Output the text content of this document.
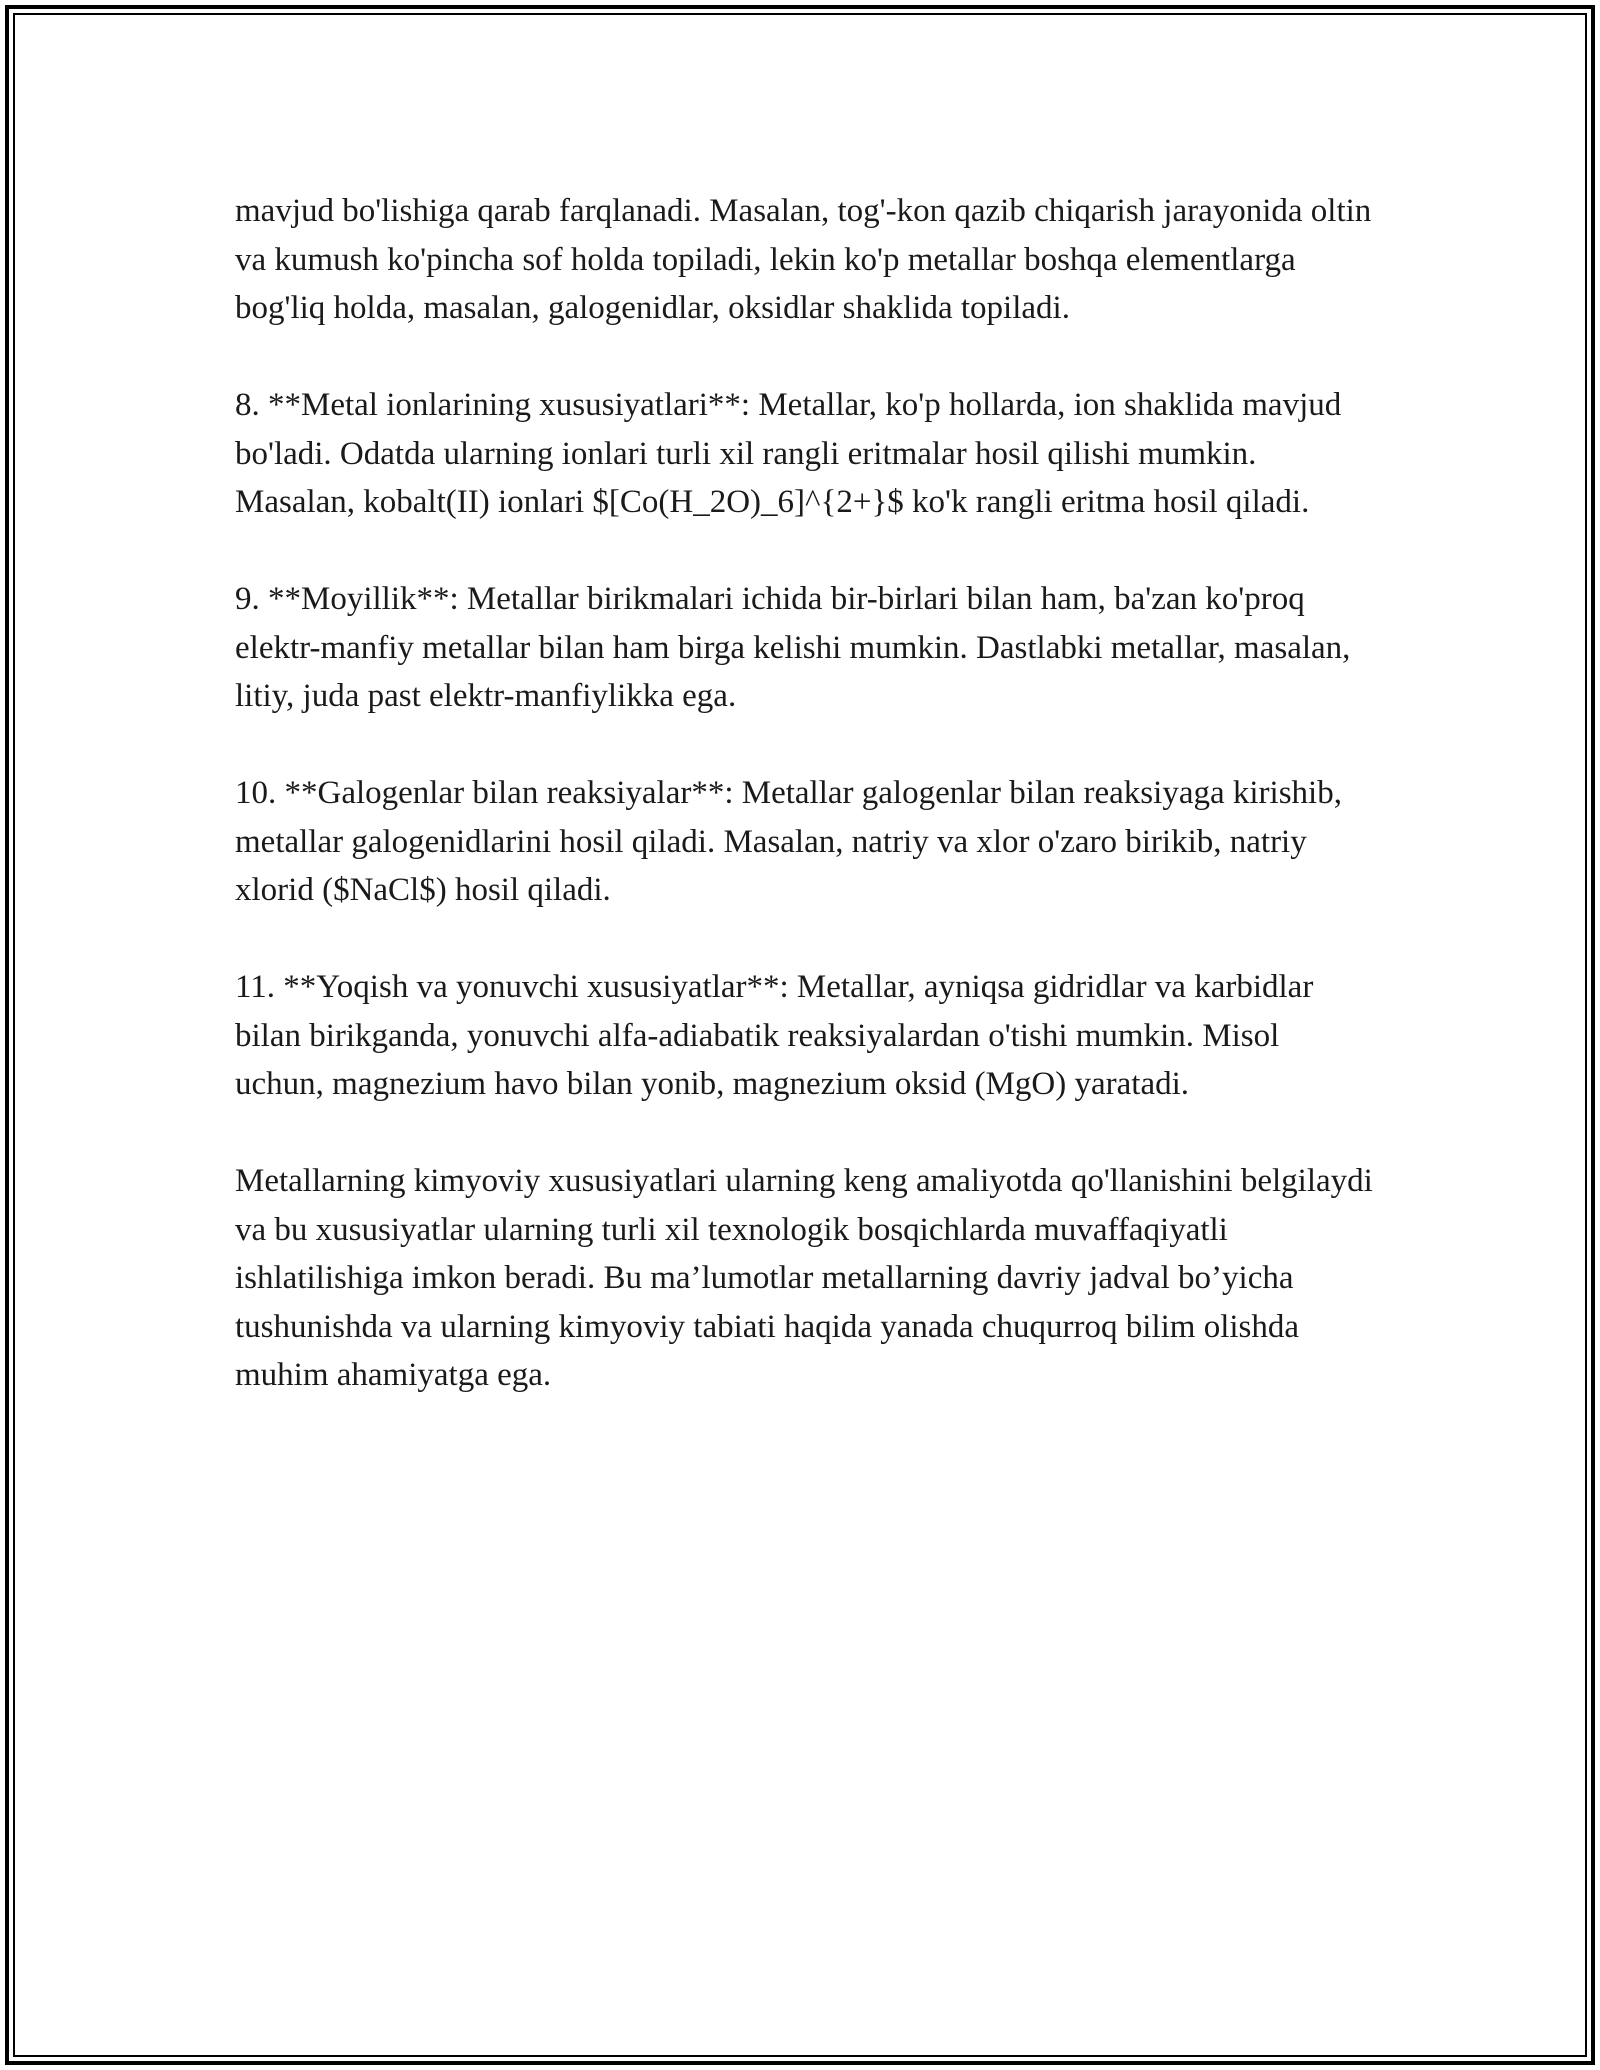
mavjud bo'lishiga qarab farqlanadi. Masalan, tog'-kon qazib chiqarish jarayonida oltin va kumush ko'pincha sof holda topiladi, lekin ko'p metallar boshqa elementlarga bog'liq holda, masalan, galogenidlar, oksidlar shaklida topiladi.

8. **Metal ionlarining xususiyatlari**: Metallar, ko'p hollarda, ion shaklida mavjud bo'ladi. Odatda ularning ionlari turli xil rangli eritmalar hosil qilishi mumkin. Masalan, kobalt(II) ionlari $[Co(H_2O)_6]^{2+}$ ko'k rangli eritma hosil qiladi.

9. **Moyillik**: Metallar birikmalari ichida bir-birlari bilan ham, ba'zan ko'proq elektr-manfiy metallar bilan ham birga kelishi mumkin. Dastlabki metallar, masalan, litiy, juda past elektr-manfiylikka ega.

10. **Galogenlar bilan reaksiyalar**: Metallar galogenlar bilan reaksiyaga kirishib, metallar galogenidlarini hosil qiladi. Masalan, natriy va xlor o'zaro birikib, natriy xlorid ($NaCl$) hosil qiladi.

11. **Yoqish va yonuvchi xususiyatlar**: Metallar, ayniqsa gidridlar va karbidlar bilan birikganda, yonuvchi alfa-adiabatik reaksiyalardan o'tishi mumkin. Misol uchun, magnezium havo bilan yonib, magnezium oksid (MgO) yaratadi.

Metallarning kimyoviy xususiyatlari ularning keng amaliyotda qo'llanishini belgilaydi va bu xususiyatlar ularning turli xil texnologik bosqichlarda muvaffaqiyatli ishlatilishiga imkon beradi. Bu ma’lumotlar metallarning davriy jadval bo’yicha tushunishda va ularning kimyoviy tabiati haqida yanada chuqurroq bilim olishda muhim ahamiyatga ega.
